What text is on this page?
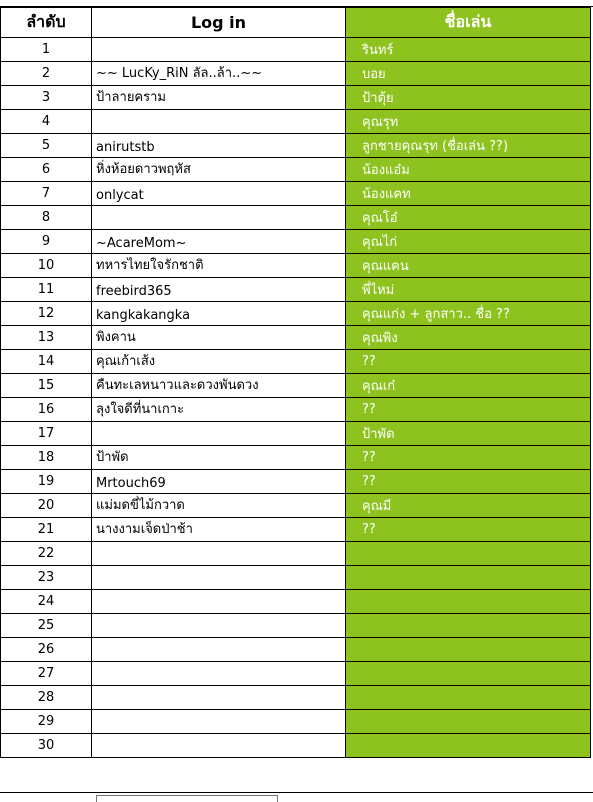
ลำดับ	Log in	ชื่อเล่น
1		รินทร์
2	~~ LucKy_RiN ลัล..ล้า..~~	บอย
3	ป้าลายคราม	ป้าตุ้ย
4		คุณรุท
5	anirutstb	ลูกชายคุณรุท (ชื่อเล่น ??)
6	หิ่งห้อยดาวพฤหัส	น้องแอ๋ม
7	onlycat	น้องแคท
8		คุณโอ๋
9	~AcareMom~	คุณไก่
10	ทหารไทยใจรักชาติ	คุณแคน
11	freebird365	พี่ไหม่
12	kangkakangka	คุณแก่ง + ลูกสาว.. ชื่อ ??
13	พิงคาน	คุณพิง
14	คุณเก้าเส้ง	??
15	คืนทะเลหนาวและดวงพันดวง	คุณเก๋
16	ลุงใจดีที่นาเกาะ	??
17		ป้าพัด
18	ป้าพัด	??
19	Mrtouch69	??
20	แม่มดขี่ไม้กวาด	คุณมี
21	นางงามเจ็ดป่าช้า	??
22		
23		
24		
25		
26		
27		
28		
29		
30		
